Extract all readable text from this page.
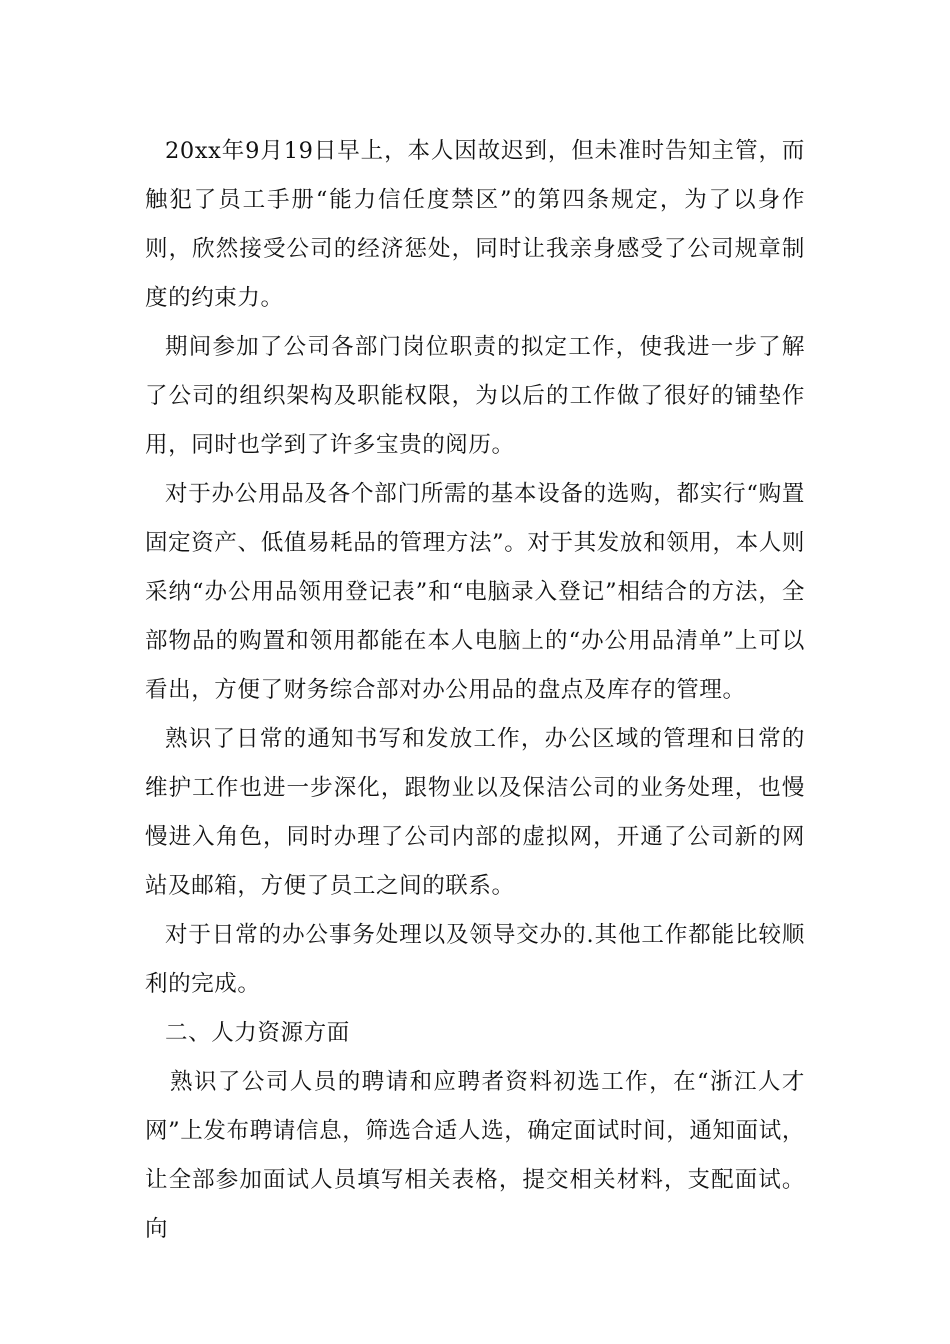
20xx年9月19日早上，本人因故迟到，但未准时告知主管，而触犯了员工手册“能力信任度禁区”的第四条规定，为了以身作则，欣然接受公司的经济惩处，同时让我亲身感受了公司规章制度的约束力。

期间参加了公司各部门岗位职责的拟定工作，使我进一步了解了公司的组织架构及职能权限，为以后的工作做了很好的铺垫作用，同时也学到了许多宝贵的阅历。

对于办公用品及各个部门所需的基本设备的选购，都实行“购置固定资产、低值易耗品的管理方法”。对于其发放和领用，本人则采纳“办公用品领用登记表”和“电脑录入登记”相结合的方法，全部物品的购置和领用都能在本人电脑上的“办公用品清单”上可以看出，方便了财务综合部对办公用品的盘点及库存的管理。

熟识了日常的通知书写和发放工作，办公区域的管理和日常的维护工作也进一步深化，跟物业以及保洁公司的业务处理，也慢慢进入角色，同时办理了公司内部的虚拟网，开通了公司新的网站及邮箱，方便了员工之间的联系。

对于日常的办公事务处理以及领导交办的.其他工作都能比较顺利的完成。

二、人力资源方面

熟识了公司人员的聘请和应聘者资料初选工作，在“浙江人才网”上发布聘请信息，筛选合适人选，确定面试时间，通知面试，让全部参加面试人员填写相关表格，提交相关材料，支配面试。 向
